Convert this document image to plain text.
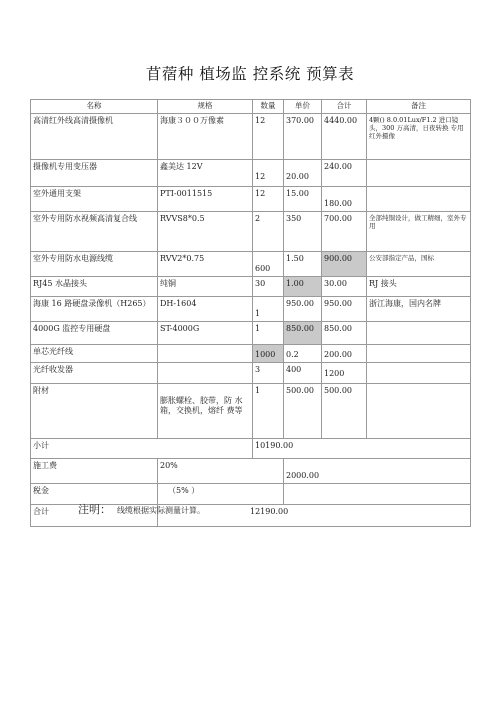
苜蓿种 植场监 控系统 预算表
名称	规格	数量	单价	合计	备注
高清红外线高清摄像机	海康３００万像素	12	370.00	4440.00	4颗() 8.0.01Lux/F1.2 进口镜头，300 万高清，日夜转换 专用红外摄像
摄像机专用变压器	鑫美达 12V	12	20.00	240.00	
室外通用支架	PTI-0011515	12	15.00	180.00	
室外专用防水视频高清复合线	RVVS8*0.5	2	350	700.00	全部纯铜设计，做工精细，室外专用
室外专用防水电源线缆	RVV2*0.75	600	1.50	900.00	公安部指定产品，国标
RJ45 水晶接头	纯铜	30	1.00	30.00	RJ 接头
海康 16 路硬盘录像机（H265）	DH-1604	1	950.00	950.00	浙江海康，国内名牌
4000G 监控专用硬盘	ST-4000G	1	850.00	850.00	
单芯光纤线		1000	0.2	200.00	
光纤收发器		3	400	1200	
附材	膨胀螺栓、胶带，防 水箱，交换机，熔纤 费等	1	500.00	500.00	
小计		10190.00			
施工费	20%		2000.00		
税金	（5% ）				
合计	12190.00				
注明： 线缆根据实际测量计算。
